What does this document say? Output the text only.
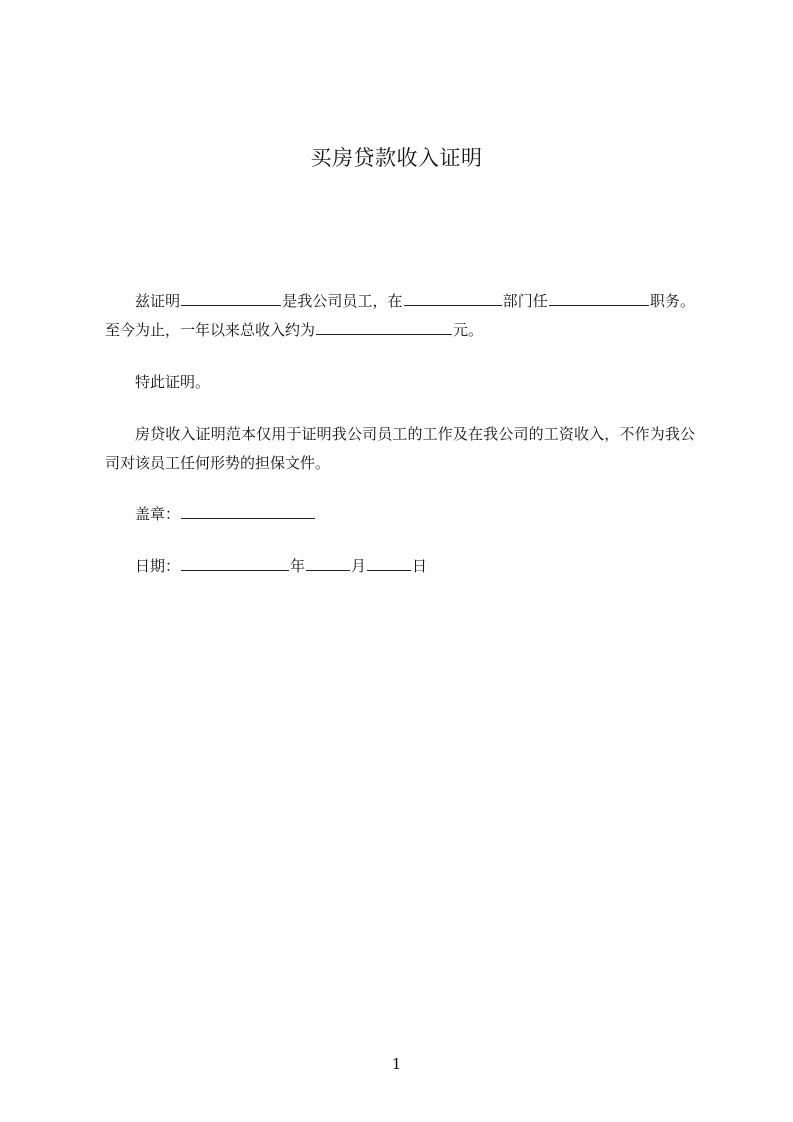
买房贷款收入证明
兹证明	是我公司员工，在	部门任	职务。至今为止，一年以来总收入约为	元。
特此证明。
房贷收入证明范本仅用于证明我公司员工的工作及在我公司的工资收入，不作为我公司对该员工任何形势的担保文件。
盖章：
日期：	年	月	日
1
